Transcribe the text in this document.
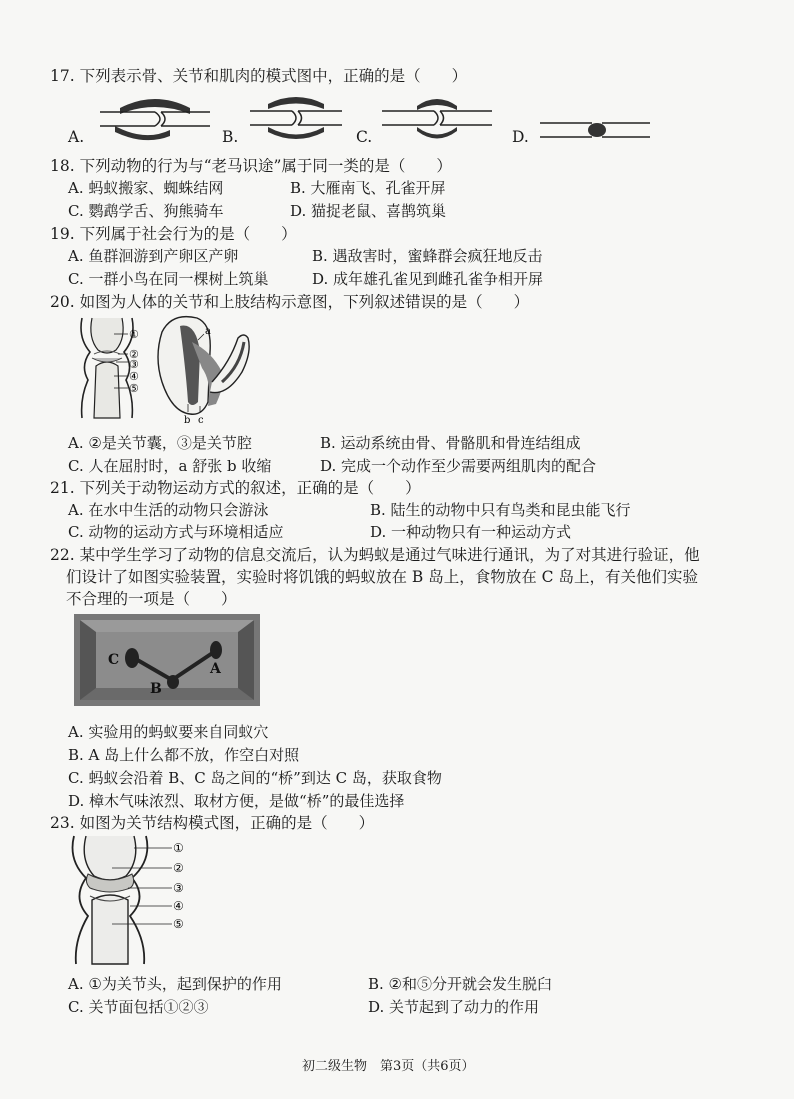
17. 下列表示骨、关节和肌肉的模式图中，正确的是（　　）
A.	B.	C.	D.
18. 下列动物的行为与“老马识途”属于同一类的是（　　）
A. 蚂蚁搬家、蜘蛛结网	B. 大雁南飞、孔雀开屏
C. 鹦鹉学舌、狗熊骑车	D. 猫捉老鼠、喜鹊筑巢
19. 下列属于社会行为的是（　　）
A. 鱼群洄游到产卵区产卵	B. 遇敌害时，蜜蜂群会疯狂地反击
C. 一群小鸟在同一棵树上筑巢	D. 成年雄孔雀见到雌孔雀争相开屏
20. 如图为人体的关节和上肢结构示意图，下列叙述错误的是（　　）
①
②
③
④
⑤
a
b c
A. ②是关节囊，③是关节腔	B. 运动系统由骨、骨骼肌和骨连结组成
C. 人在屈肘时，a 舒张 b 收缩	D. 完成一个动作至少需要两组肌肉的配合
21. 下列关于动物运动方式的叙述，正确的是（　　）
A. 在水中生活的动物只会游泳	B. 陆生的动物中只有鸟类和昆虫能飞行
C. 动物的运动方式与环境相适应	D. 一种动物只有一种运动方式
22. 某中学生学习了动物的信息交流后，认为蚂蚁是通过气味进行通讯，为了对其进行验证，他
们设计了如图实验装置，实验时将饥饿的蚂蚁放在 B 岛上，食物放在 C 岛上，有关他们实验
不合理的一项是（　　）
C
A
B
A. 实验用的蚂蚁要来自同蚁穴
B. A 岛上什么都不放，作空白对照
C. 蚂蚁会沿着 B、C 岛之间的“桥”到达 C 岛，获取食物
D. 樟木气味浓烈、取材方便，是做“桥”的最佳选择
23. 如图为关节结构模式图，正确的是（　　）
①
②
③
④
⑤
A. ①为关节头，起到保护的作用	B. ②和⑤分开就会发生脱臼
C. 关节面包括①②③	D. 关节起到了动力的作用
初二级生物　第3页（共6页）
